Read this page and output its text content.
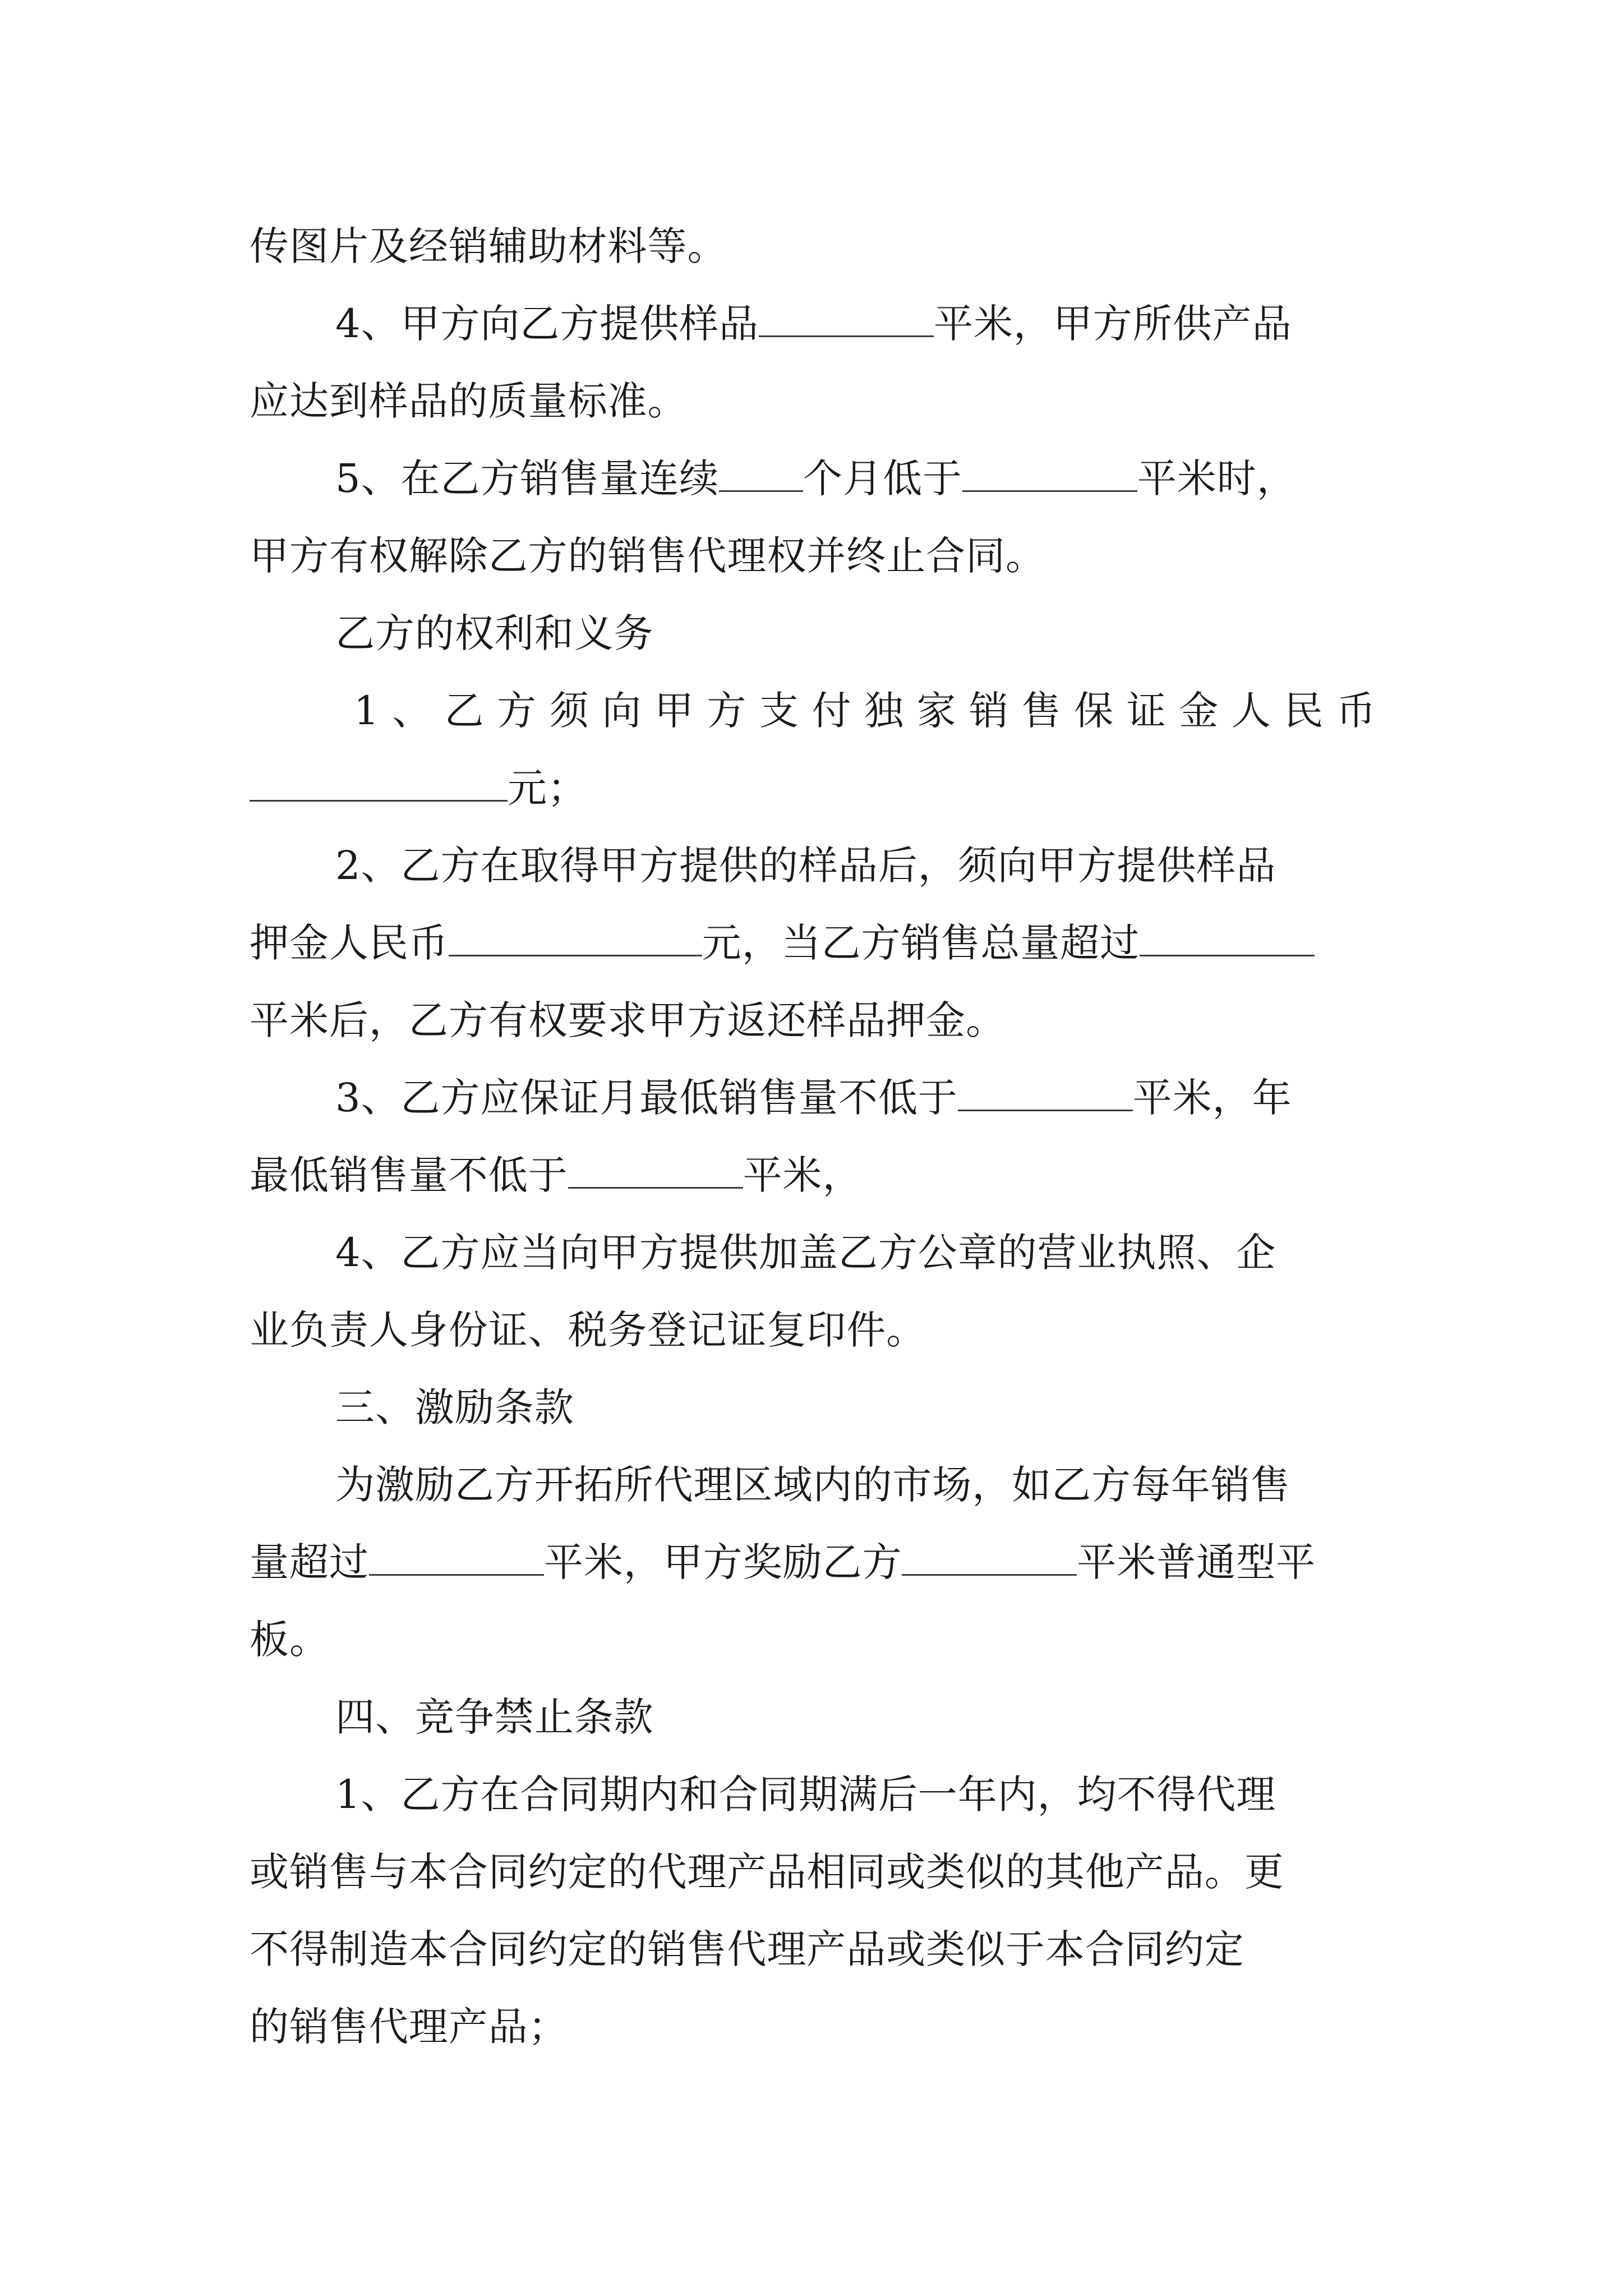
传图片及经销辅助材料等。
4、甲方向乙方提供样品	平米，甲方所供产品
应达到样品的质量标准。
5、在乙方销售量连续 个月低于	平米时，
甲方有权解除乙方的销售代理权并终止合同。
乙方的权利和义务
1、乙方须向甲方支付独家销售保证金人民币
元；
2、乙方在取得甲方提供的样品后，须向甲方提供样品
押金人民币	元，当乙方销售总量超过
平米后，乙方有权要求甲方返还样品押金。
3、乙方应保证月最低销售量不低于	平米，年
最低销售量不低于	平米，
4、乙方应当向甲方提供加盖乙方公章的营业执照、企
业负责人身份证、税务登记证复印件。
三、激励条款
为激励乙方开拓所代理区域内的市场，如乙方每年销售
量超过	平米，甲方奖励乙方	平米普通型平
板。
四、竞争禁止条款
1、乙方在合同期内和合同期满后一年内，均不得代理
或销售与本合同约定的代理产品相同或类似的其他产品。更
不得制造本合同约定的销售代理产品或类似于本合同约定
的销售代理产品；
